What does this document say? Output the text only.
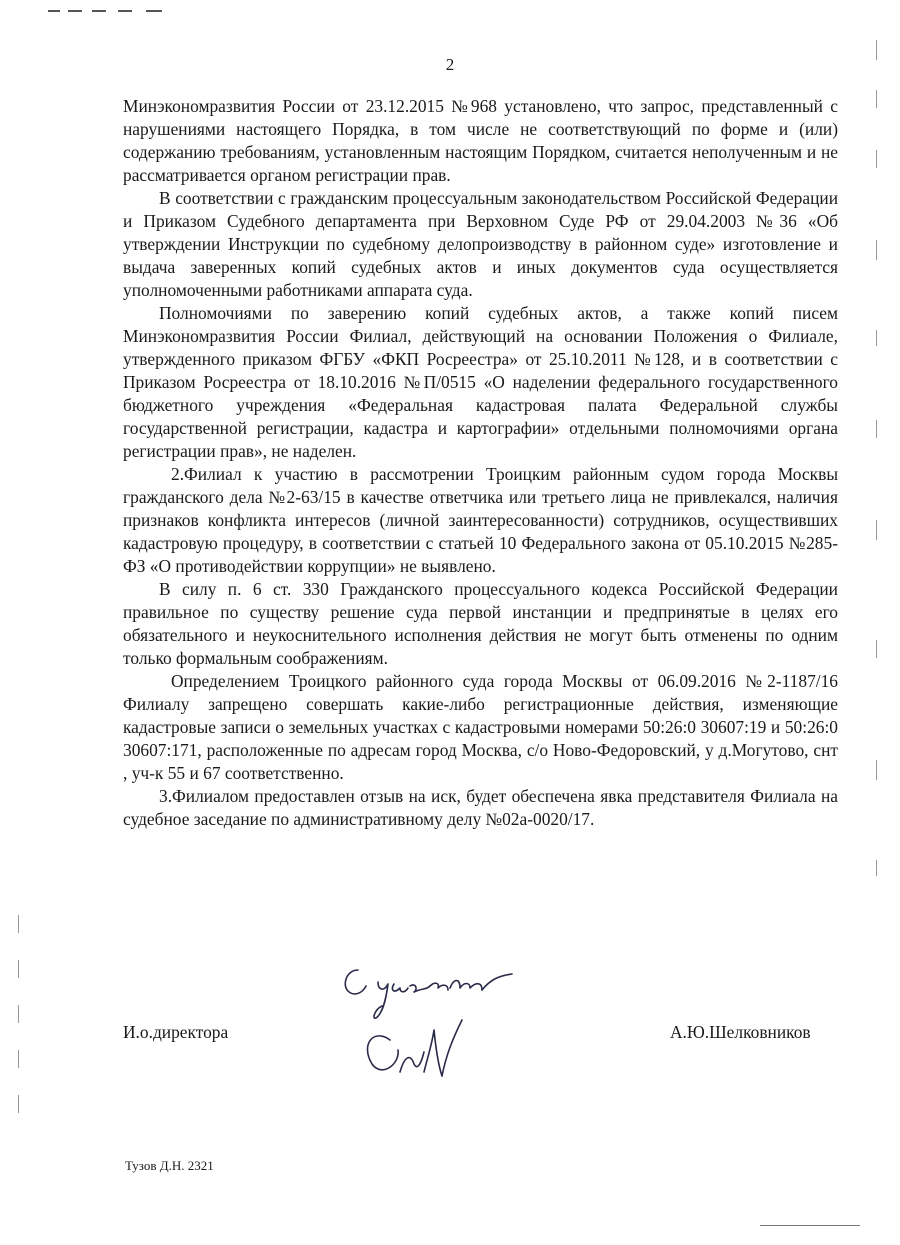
2

Минэкономразвития России от 23.12.2015 №968 установлено, что запрос, представленный с нарушениями настоящего Порядка, в том числе не соответствующий по форме и (или) содержанию требованиям, установленным настоящим Порядком, считается неполученным и не рассматривается органом регистрации прав.

В соответствии с гражданским процессуальным законодательством Российской Федерации и Приказом Судебного департамента при Верховном Суде РФ от 29.04.2003 №36 «Об утверждении Инструкции по судебному делопроизводству в районном суде» изготовление и выдача заверенных копий судебных актов и иных документов суда осуществляется уполномоченными работниками аппарата суда.

Полномочиями по заверению копий судебных актов, а также копий писем Минэкономразвития России Филиал, действующий на основании Положения о Филиале, утвержденного приказом ФГБУ «ФКП Росреестра» от 25.10.2011 №128, и в соответствии с Приказом Росреестра от 18.10.2016 №П/0515 «О наделении федерального государственного бюджетного учреждения «Федеральная кадастровая палата Федеральной службы государственной регистрации, кадастра и картографии» отдельными полномочиями органа регистрации прав», не наделен.

2.Филиал к участию в рассмотрении Троицким районным судом города Москвы гражданского дела №2-63/15 в качестве ответчика или третьего лица не привлекался, наличия признаков конфликта интересов (личной заинтересованности) сотрудников, осуществивших кадастровую процедуру, в соответствии с статьей 10 Федерального закона от 05.10.2015 №285-ФЗ «О противодействии коррупции» не выявлено.

В силу п. 6 ст. 330 Гражданского процессуального кодекса Российской Федерации правильное по существу решение суда первой инстанции и предпринятые в целях его обязательного и неукоснительного исполнения действия не могут быть отменены по одним только формальным соображениям.

Определением Троицкого районного суда города Москвы от 06.09.2016 №2-1187/16 Филиалу запрещено совершать какие-либо регистрационные действия, изменяющие кадастровые записи о земельных участках с кадастровыми номерами 50:26:0 30607:19 и 50:26:0 30607:171, расположенные по адресам город Москва, с/о Ново-Федоровский, у д.Могутово, снт , уч-к 55 и 67 соответственно.

3.Филиалом предоставлен отзыв на иск, будет обеспечена явка представителя Филиала на судебное заседание по административному делу №02а-0020/17.

И.о.директора	А.Ю.Шелковников
Тузов Д.Н. 2321
